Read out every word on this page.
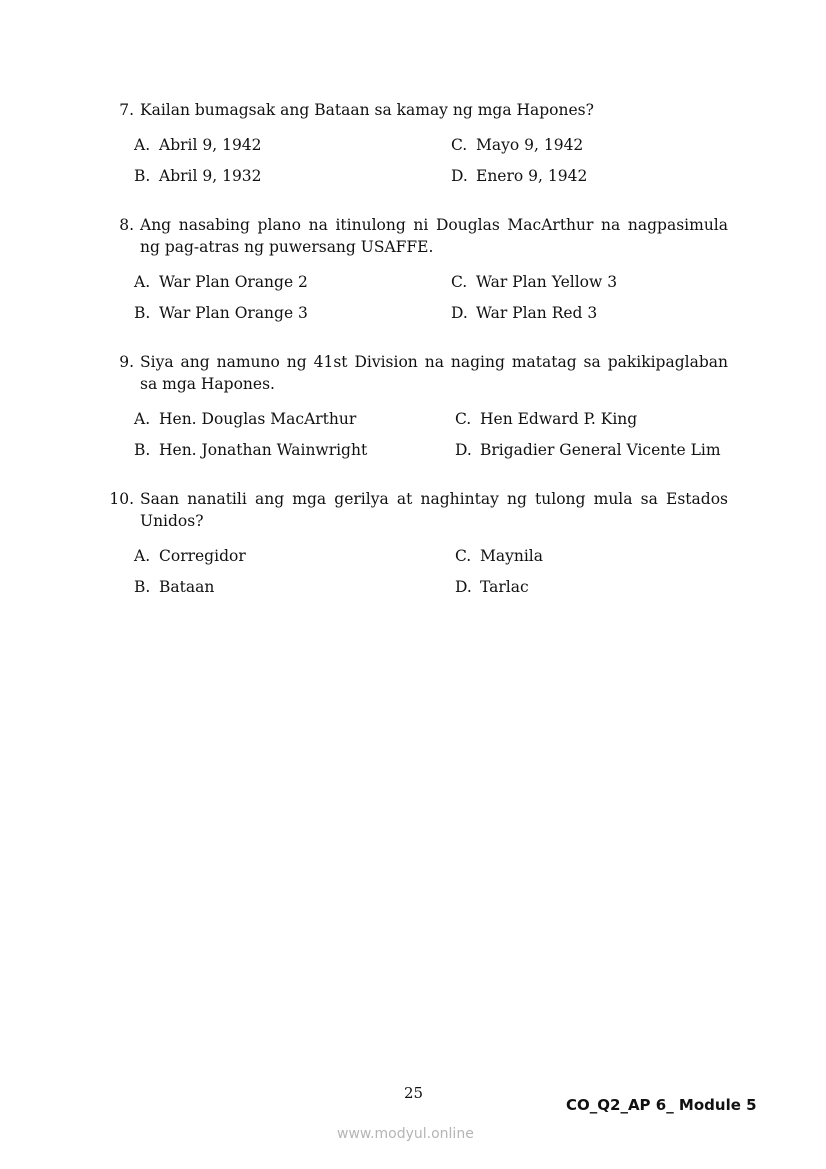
7. Kailan bumagsak ang Bataan sa kamay ng mga Hapones?
A. Abril 9, 1942
B. Abril 9, 1932
C. Mayo 9, 1942
D. Enero 9, 1942
8. Ang nasabing plano na itinulong ni Douglas MacArthur na nagpasimula ng pag-atras ng puwersang USAFFE.
A. War Plan Orange 2
B. War Plan Orange 3
C. War Plan Yellow 3
D. War Plan Red 3
9. Siya ang namuno ng 41st Division na naging matatag sa pakikipaglaban sa mga Hapones.
A. Hen. Douglas MacArthur
B. Hen. Jonathan Wainwright
C. Hen Edward P. King
D. Brigadier General Vicente Lim
10. Saan nanatili ang mga gerilya at naghintay ng tulong mula sa Estados Unidos?
A. Corregidor
B. Bataan
C. Maynila
D. Tarlac
25
CO_Q2_AP 6_ Module 5
www.modyul.online
